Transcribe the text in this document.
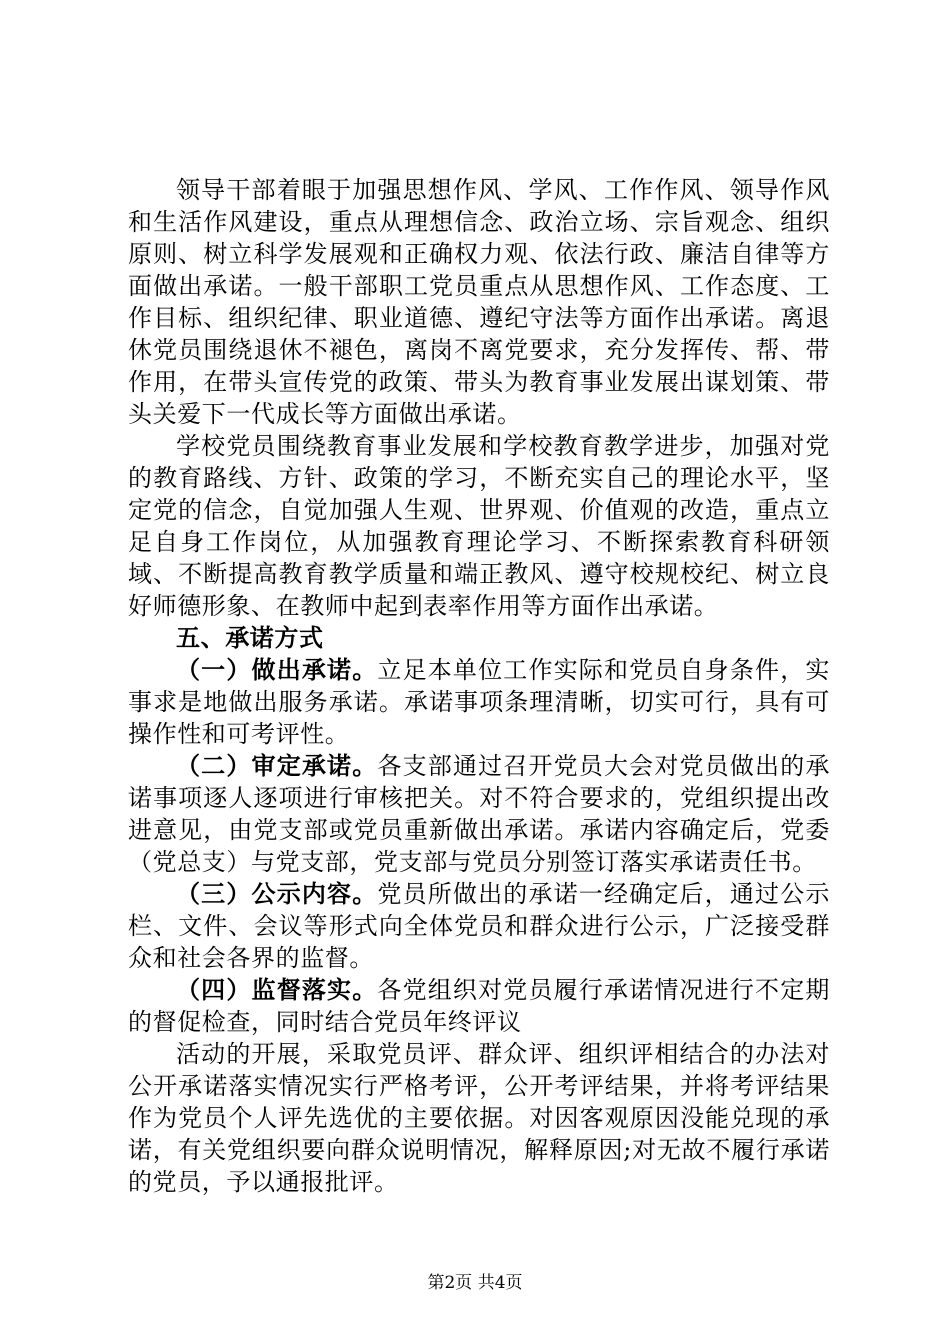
领导干部着眼于加强思想作风、学风、工作作风、领导作风和生活作风建设，重点从理想信念、政治立场、宗旨观念、组织原则、树立科学发展观和正确权力观、依法行政、廉洁自律等方面做出承诺。一般干部职工党员重点从思想作风、工作态度、工作目标、组织纪律、职业道德、遵纪守法等方面作出承诺。离退休党员围绕退休不褪色，离岗不离党要求，充分发挥传、帮、带作用，在带头宣传党的政策、带头为教育事业发展出谋划策、带头关爱下一代成长等方面做出承诺。

学校党员围绕教育事业发展和学校教育教学进步，加强对党的教育路线、方针、政策的学习，不断充实自己的理论水平，坚定党的信念，自觉加强人生观、世界观、价值观的改造，重点立足自身工作岗位，从加强教育理论学习、不断探索教育科研领域、不断提高教育教学质量和端正教风、遵守校规校纪、树立良好师德形象、在教师中起到表率作用等方面作出承诺。

五、承诺方式

（一）做出承诺。立足本单位工作实际和党员自身条件，实事求是地做出服务承诺。承诺事项条理清晰，切实可行，具有可操作性和可考评性。

（二）审定承诺。各支部通过召开党员大会对党员做出的承诺事项逐人逐项进行审核把关。对不符合要求的，党组织提出改进意见，由党支部或党员重新做出承诺。承诺内容确定后，党委（党总支）与党支部，党支部与党员分别签订落实承诺责任书。

（三）公示内容。党员所做出的承诺一经确定后，通过公示栏、文件、会议等形式向全体党员和群众进行公示，广泛接受群众和社会各界的监督。

（四）监督落实。各党组织对党员履行承诺情况进行不定期的督促检查，同时结合党员年终评议

活动的开展，采取党员评、群众评、组织评相结合的办法对公开承诺落实情况实行严格考评，公开考评结果，并将考评结果作为党员个人评先选优的主要依据。对因客观原因没能兑现的承诺，有关党组织要向群众说明情况，解释原因;对无故不履行承诺的党员，予以通报批评。

第2页 共4页
